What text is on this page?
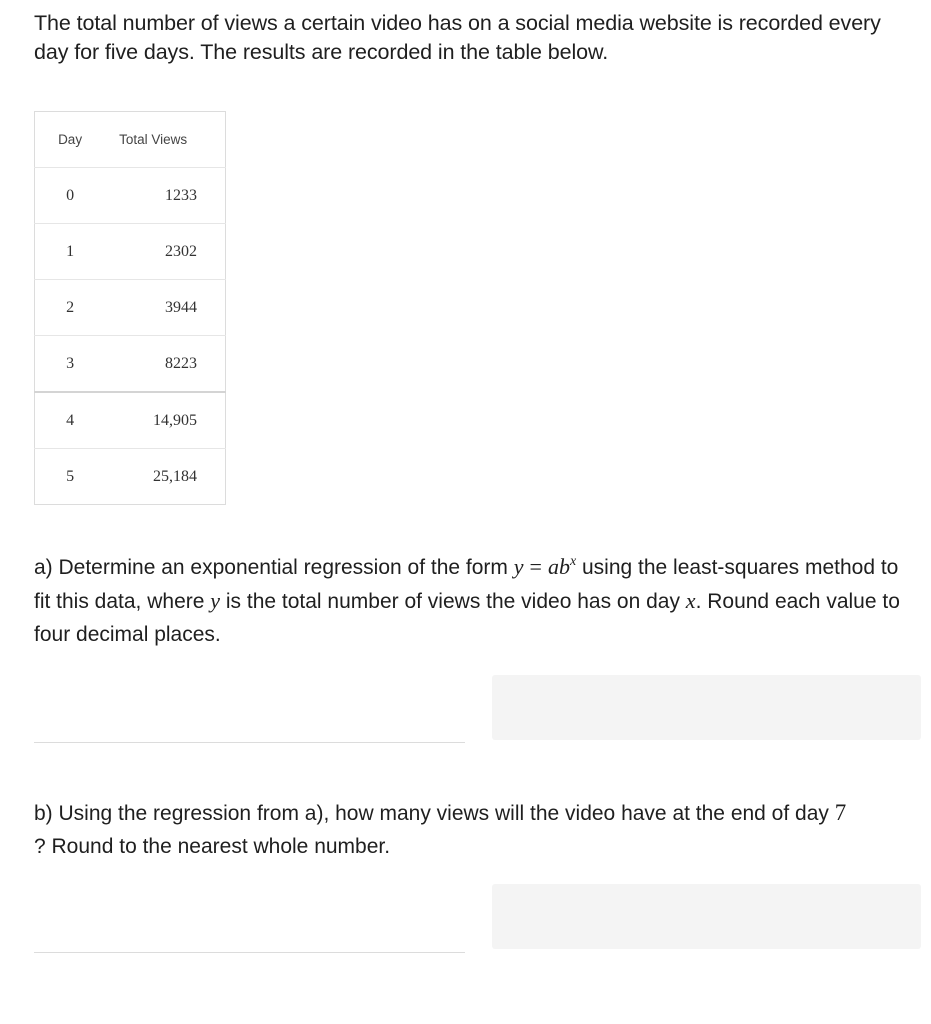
The total number of views a certain video has on a social media website is recorded every day for five days. The results are recorded in the table below.

Day	Total Views
0	1233
1	2302
2	3944
3	8223
4	14,905
5	25,184

a) Determine an exponential regression of the form $y = ab^x$ using the least-squares method to fit this data, where y is the total number of views the video has on day x. Round each value to four decimal places.

b) Using the regression from a), how many views will the video have at the end of day 7
? Round to the nearest whole number.
